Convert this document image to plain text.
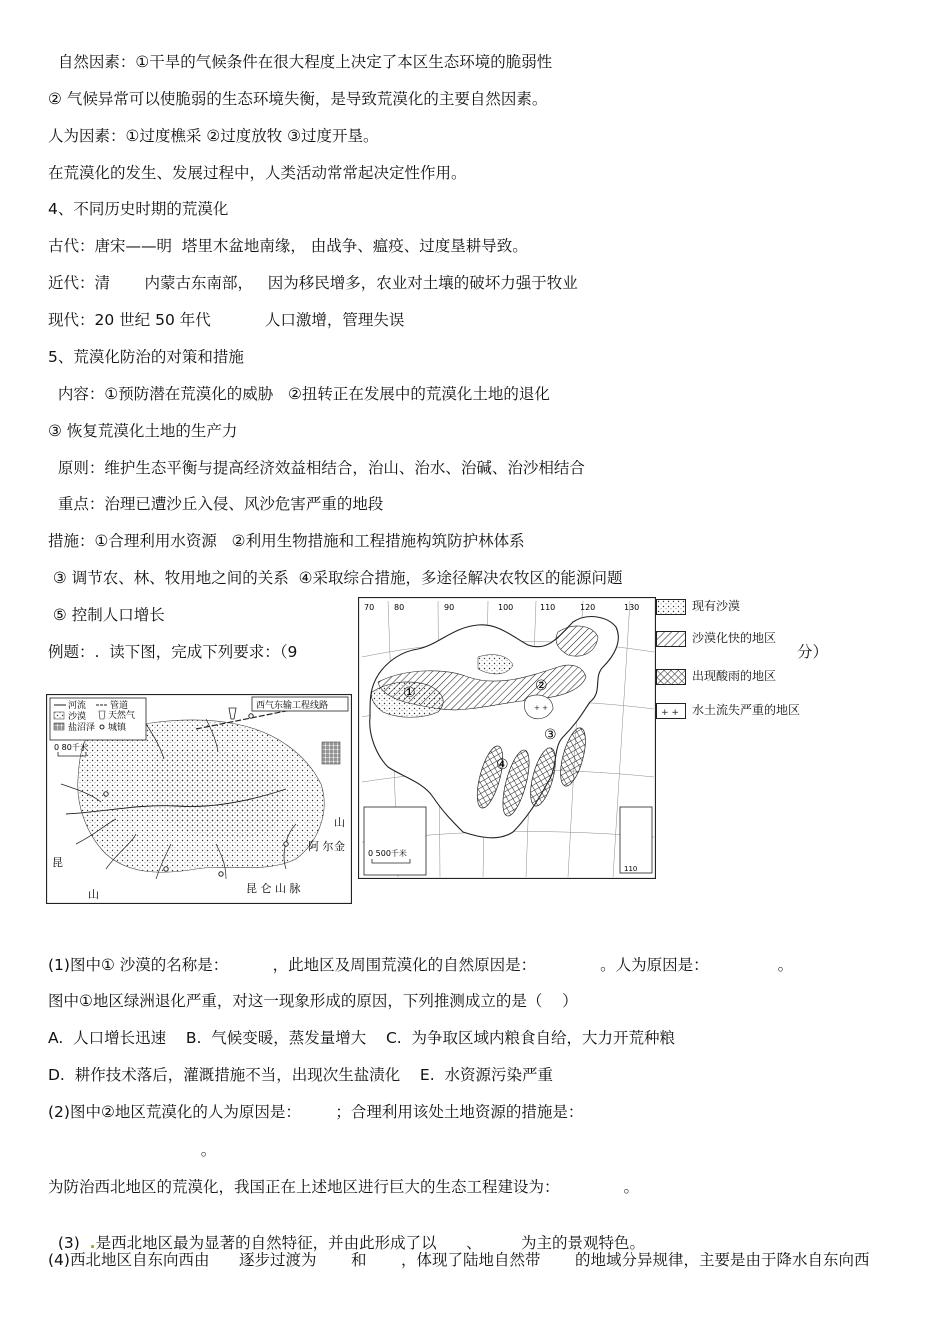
自然因素：①干旱的气候条件在很大程度上决定了本区生态环境的脆弱性
② 气候异常可以使脆弱的生态环境失衡，是导致荒漠化的主要自然因素。
人为因素：①过度樵采 ②过度放牧 ③过度开垦。
在荒漠化的发生、发展过程中，人类活动常常起决定性作用。
4、不同历史时期的荒漠化
古代：唐宋——明  塔里木盆地南缘， 由战争、瘟疫、过度垦耕导致。
近代：清       内蒙古东南部，   因为移民增多，农业对土壤的破坏力强于牧业
现代：20 世纪 50 年代           人口激增，管理失误
5、荒漠化防治的对策和措施
内容：①预防潜在荒漠化的威胁   ②扭转正在发展中的荒漠化土地的退化
③ 恢复荒漠化土地的生产力
原则：维护生态平衡与提高经济效益相结合，治山、治水、治碱、治沙相结合
重点：治理已遭沙丘入侵、风沙危害严重的地段
措施：①合理利用水资源   ②利用生物措施和工程措施构筑防护林体系
③ 调节农、林、牧用地之间的关系  ④采取综合措施，多途径解决农牧区的能源问题
⑤ 控制人口增长
例题：.  读下图，完成下列要求：（9	分）
河流	管道
沙漠 天然气
盐沼泽 城镇
0 80千米
西气东输工程线路
山
阿 尔 金
昆
山	昆 仑 山 脉
+ +
70 80	90	100	110	120	130
①	②
③
④
0 500千米
110
现有沙漠
沙漠化快的地区
出现酸雨的地区
+ + 水土流失严重的地区
(1)图中① 沙漠的名称是：         ，此地区及周围荒漠化的自然原因是：             。人为原因是：              。
图中①地区绿洲退化严重，对这一现象形成的原因，下列推测成立的是（    ）
A.  人口增长迅速    B.  气候变暖，蒸发量增大    C.  为争取区域内粮食自给，大力开荒种粮
D.  耕作技术落后，灌溉措施不当，出现次生盐渍化    E.  水资源污染严重
(2)图中②地区荒漠化的人为原因是：       ；合理利用该处土地资源的措施是：
。
为防治西北地区的荒漠化，我国正在上述地区进行巨大的生态工程建设为：             。

(3)  .是西北地区最为显著的自然特征，并由此形成了以      、        为主的景观特色。

(4)西北地区自东向西由      逐步过渡为       和       ，体现了陆地自然带       的地域分异规律，主要是由于降水自东向西
